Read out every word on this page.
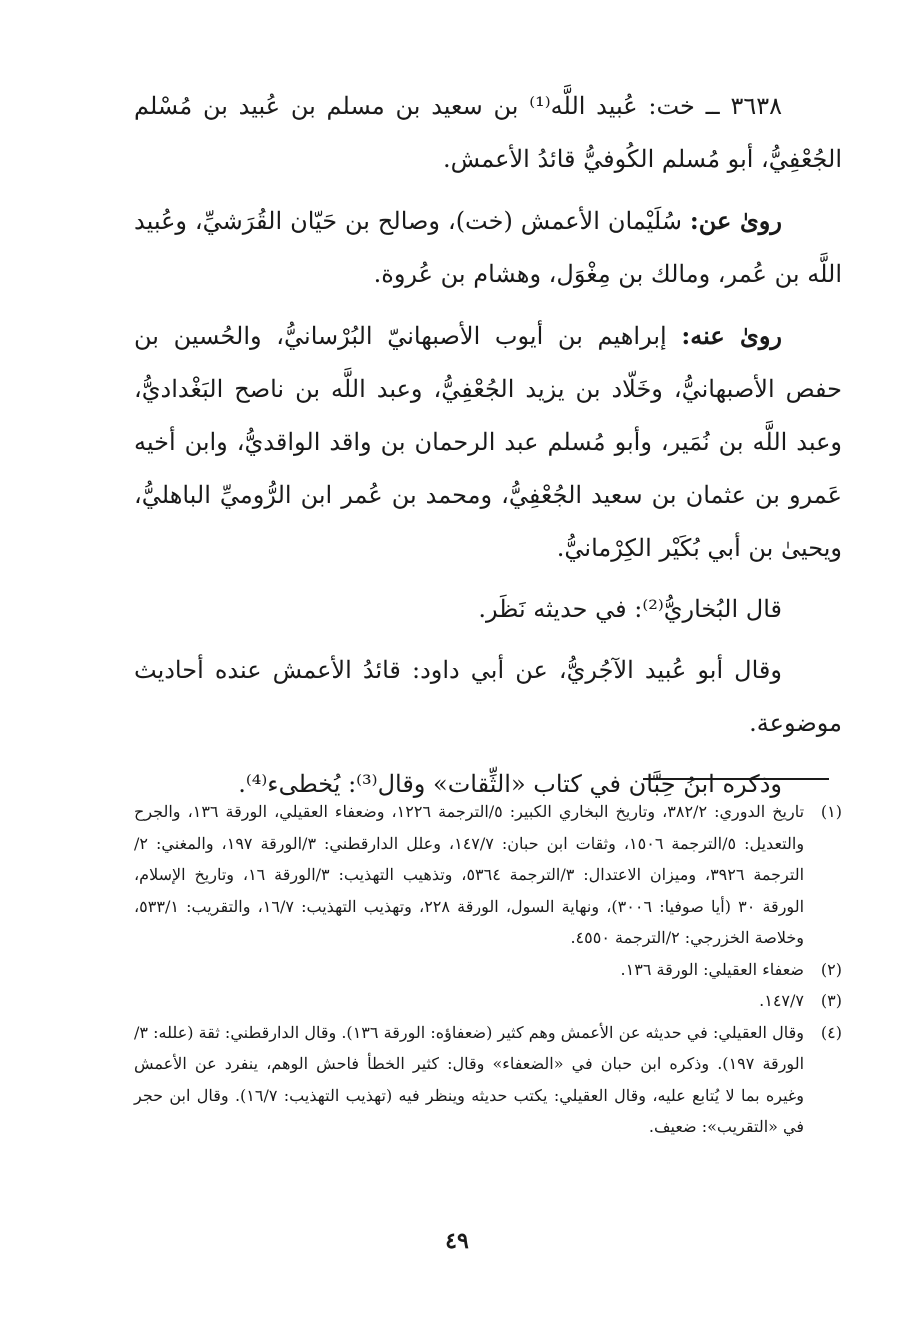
٣٦٣٨ ــ خت: عُبيد اللَّه⁽¹⁾ بن سعيد بن مسلم بن عُبيد بن مُسْلم الجُعْفِيُّ، أبو مُسلم الكُوفيُّ قائدُ الأعمش.

روىٰ عن: سُلَيْمان الأعمش (خت)، وصالح بن حَيّان القُرَشيِّ، وعُبيد اللَّه بن عُمر، ومالك بن مِغْوَل، وهشام بن عُروة.

روىٰ عنه: إبراهيم بن أيوب الأصبهانيّ البُرْسانيُّ، والحُسين بن حفص الأصبهانيُّ، وخَلّاد بن يزيد الجُعْفِيُّ، وعبد اللَّه بن ناصح البَغْداديُّ، وعبد اللَّه بن نُمَير، وأبو مُسلم عبد الرحمان بن واقد الواقديُّ، وابن أخيه عَمرو بن عثمان بن سعيد الجُعْفِيُّ، ومحمد بن عُمر ابن الرُّوميِّ الباهليُّ، ويحيىٰ بن أبي بُكَيْر الكِرْمانيُّ.

قال البُخاريُّ⁽²⁾: في حديثه نَظَر.

وقال أبو عُبيد الآجُريُّ، عن أبي داود: قائدُ الأعمش عنده أحاديث موضوعة.

وذكره ابنُ حِبَّان في كتاب «الثِّقات» وقال⁽³⁾: يُخطىء⁽⁴⁾.

(١)
تاريخ الدوري: ٣٨٢/٢، وتاريخ البخاري الكبير: ٥/الترجمة ١٢٢٦، وضعفاء العقيلي، الورقة ١٣٦، والجرح والتعديل: ٥/الترجمة ١٥٠٦، وثقات ابن حبان: ١٤٧/٧، وعلل الدارقطني: ٣/الورقة ١٩٧، والمغني: ٢/الترجمة ٣٩٢٦، وميزان الاعتدال: ٣/الترجمة ٥٣٦٤، وتذهيب التهذيب: ٣/الورقة ١٦، وتاريخ الإسلام، الورقة ٣٠ (أيا صوفيا: ٣٠٠٦)، ونهاية السول، الورقة ٢٢٨، وتهذيب التهذيب: ١٦/٧، والتقريب: ٥٣٣/١، وخلاصة الخزرجي: ٢/الترجمة ٤٥٥٠.
(٢)
ضعفاء العقيلي: الورقة ١٣٦.
(٣)
١٤٧/٧.
(٤)
وقال العقيلي: في حديثه عن الأعمش وهم كثير (ضعفاؤه: الورقة ١٣٦). وقال الدارقطني: ثقة (علله: ٣/الورقة ١٩٧). وذكره ابن حبان في «الضعفاء» وقال: كثير الخطأ فاحش الوهم، ينفرد عن الأعمش وغيره بما لا يُتابع عليه، وقال العقيلي: يكتب حديثه وينظر فيه (تهذيب التهذيب: ١٦/٧). وقال ابن حجر في «التقريب»: ضعيف.
٤٩
